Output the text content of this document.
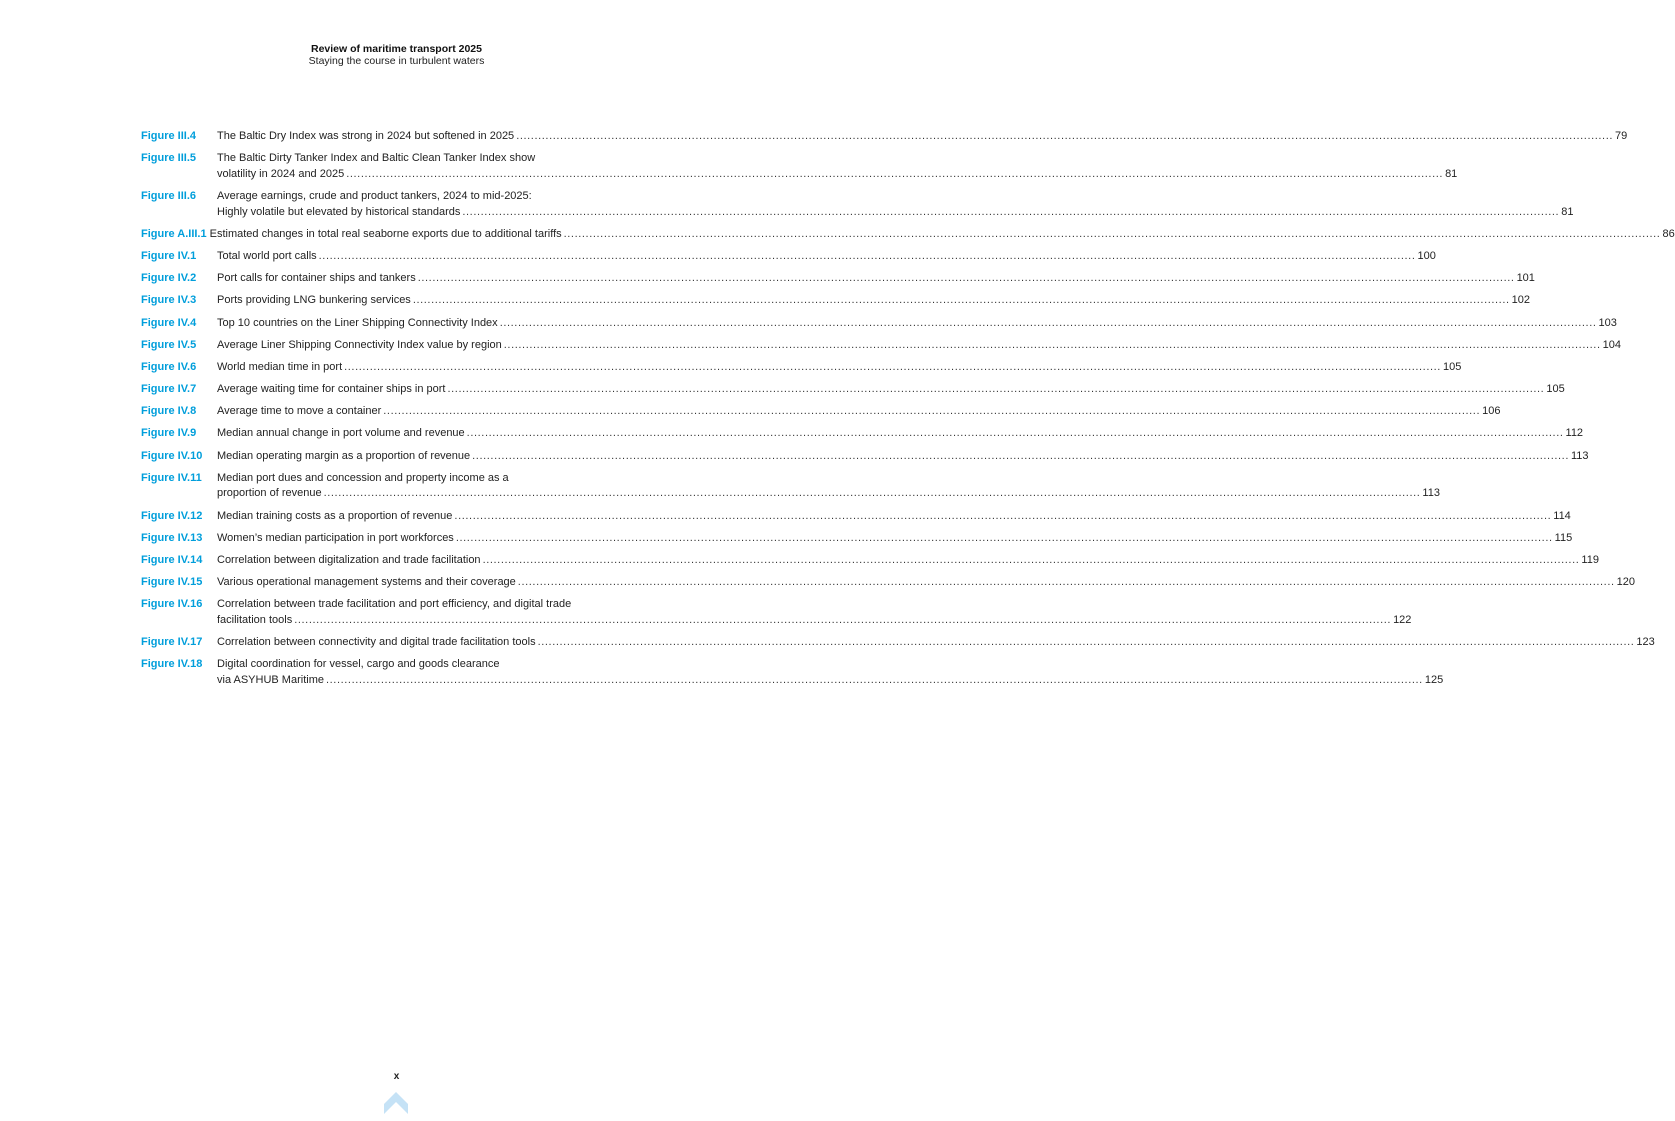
Review of maritime transport 2025
Staying the course in turbulent waters
Figure III.4	The Baltic Dry Index was strong in 2024 but softened in 2025 ............................................................................................................................................................................................................................................................................................................ 79
Figure III.5	The Baltic Dirty Tanker Index and Baltic Clean Tanker Index show
volatility in 2024 and 2025 ............................................................................................................................................................................................................................................................................................................ 81
Figure III.6	Average earnings, crude and product tankers, 2024 to mid-2025:
Highly volatile but elevated by historical standards ............................................................................................................................................................................................................................................................................................................ 81
Figure A.III.1 Estimated changes in total real seaborne exports due to additional tariffs ............................................................................................................................................................................................................................................................................................................ 86
Figure IV.1	Total world port calls ............................................................................................................................................................................................................................................................................................................ 100
Figure IV.2	Port calls for container ships and tankers ............................................................................................................................................................................................................................................................................................................ 101
Figure IV.3	Ports providing LNG bunkering services ............................................................................................................................................................................................................................................................................................................ 102
Figure IV.4	Top 10 countries on the Liner Shipping Connectivity Index ............................................................................................................................................................................................................................................................................................................ 103
Figure IV.5	Average Liner Shipping Connectivity Index value by region ............................................................................................................................................................................................................................................................................................................ 104
Figure IV.6	World median time in port ............................................................................................................................................................................................................................................................................................................ 105
Figure IV.7	Average waiting time for container ships in port ............................................................................................................................................................................................................................................................................................................ 105
Figure IV.8	Average time to move a container ............................................................................................................................................................................................................................................................................................................ 106
Figure IV.9	Median annual change in port volume and revenue ............................................................................................................................................................................................................................................................................................................ 112
Figure IV.10	Median operating margin as a proportion of revenue ............................................................................................................................................................................................................................................................................................................ 113
Figure IV.11	Median port dues and concession and property income as a
proportion of revenue ............................................................................................................................................................................................................................................................................................................ 113
Figure IV.12	Median training costs as a proportion of revenue ............................................................................................................................................................................................................................................................................................................ 114
Figure IV.13	Women’s median participation in port workforces ............................................................................................................................................................................................................................................................................................................ 115
Figure IV.14	Correlation between digitalization and trade facilitation ............................................................................................................................................................................................................................................................................................................ 119
Figure IV.15	Various operational management systems and their coverage ............................................................................................................................................................................................................................................................................................................ 120
Figure IV.16	Correlation between trade facilitation and port efficiency, and digital trade
facilitation tools ............................................................................................................................................................................................................................................................................................................ 122
Figure IV.17	Correlation between connectivity and digital trade facilitation tools ............................................................................................................................................................................................................................................................................................................ 123
Figure IV.18	Digital coordination for vessel, cargo and goods clearance
via ASYHUB Maritime ............................................................................................................................................................................................................................................................................................................ 125
x
